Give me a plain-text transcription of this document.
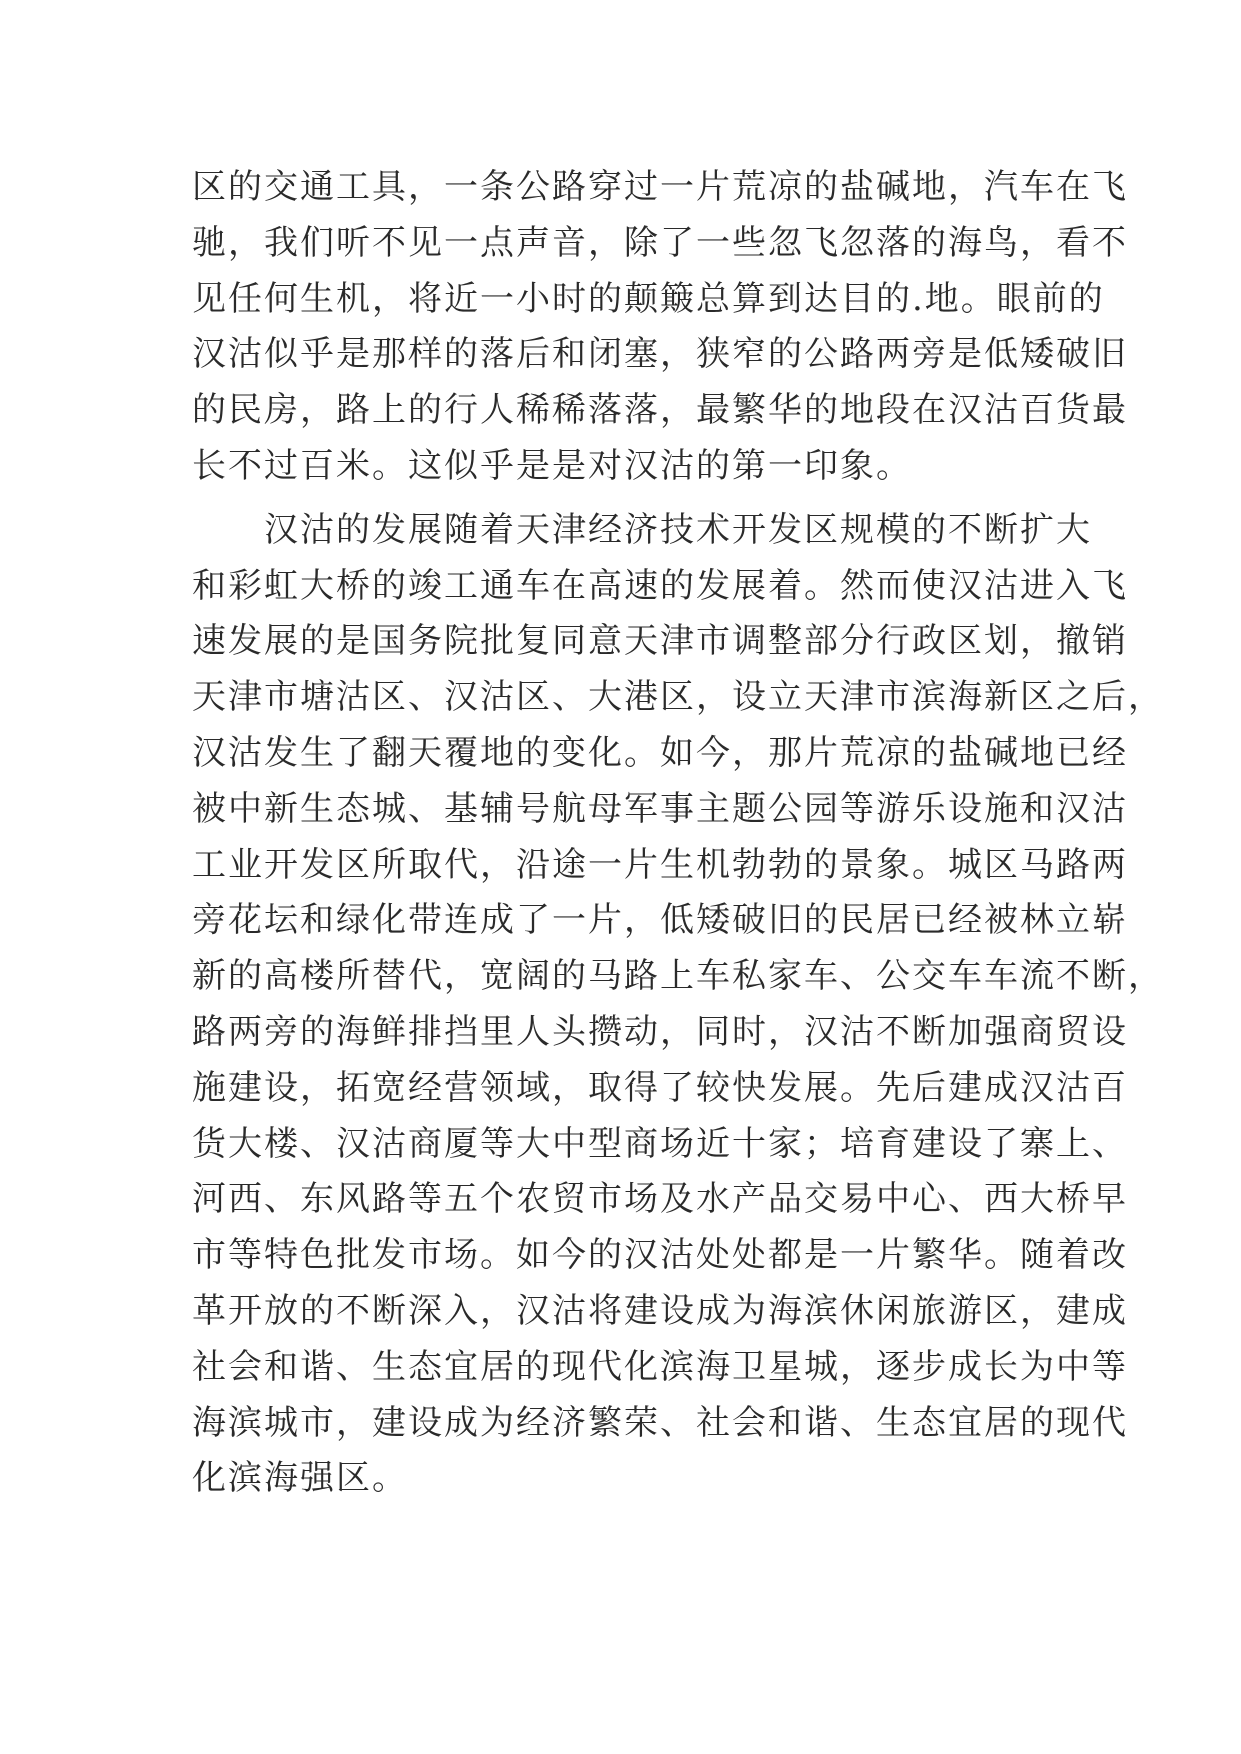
区的交通工具，一条公路穿过一片荒凉的盐碱地，汽车在飞
驰，我们听不见一点声音，除了一些忽飞忽落的海鸟，看不
见任何生机，将近一小时的颠簸总算到达目的.地。眼前的
汉沽似乎是那样的落后和闭塞，狭窄的公路两旁是低矮破旧
的民房，路上的行人稀稀落落，最繁华的地段在汉沽百货最
长不过百米。这似乎是是对汉沽的第一印象。
　　汉沽的发展随着天津经济技术开发区规模的不断扩大
和彩虹大桥的竣工通车在高速的发展着。然而使汉沽进入飞
速发展的是国务院批复同意天津市调整部分行政区划，撤销
天津市塘沽区、汉沽区、大港区，设立天津市滨海新区之后，
汉沽发生了翻天覆地的变化。如今，那片荒凉的盐碱地已经
被中新生态城、基辅号航母军事主题公园等游乐设施和汉沽
工业开发区所取代，沿途一片生机勃勃的景象。城区马路两
旁花坛和绿化带连成了一片，低矮破旧的民居已经被林立崭
新的高楼所替代，宽阔的马路上车私家车、公交车车流不断，
路两旁的海鲜排挡里人头攒动，同时，汉沽不断加强商贸设
施建设，拓宽经营领域，取得了较快发展。先后建成汉沽百
货大楼、汉沽商厦等大中型商场近十家；培育建设了寨上、
河西、东风路等五个农贸市场及水产品交易中心、西大桥早
市等特色批发市场。如今的汉沽处处都是一片繁华。随着改
革开放的不断深入，汉沽将建设成为海滨休闲旅游区，建成
社会和谐、生态宜居的现代化滨海卫星城，逐步成长为中等
海滨城市，建设成为经济繁荣、社会和谐、生态宜居的现代
化滨海强区。
